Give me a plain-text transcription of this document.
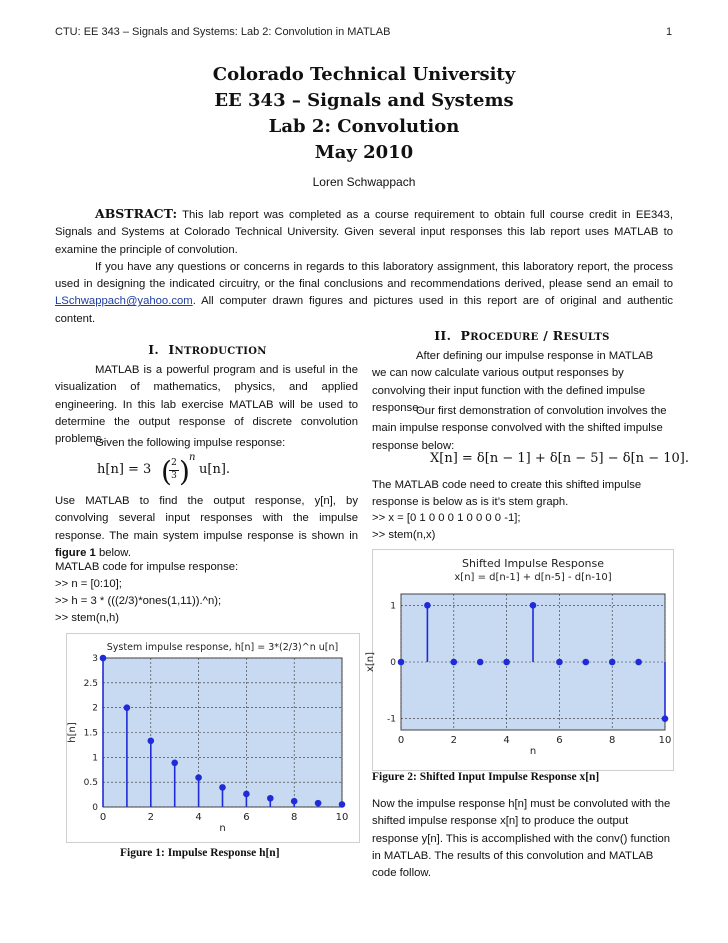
CTU: EE 343 – Signals and Systems: Lab 2: Convolution in MATLAB	1
Colorado Technical University
EE 343 – Signals and Systems
Lab 2: Convolution
May 2010
Loren Schwappach
ABSTRACT: This lab report was completed as a course requirement to obtain full course credit in EE343, Signals and Systems at Colorado Technical University. Given several input responses this lab report uses MATLAB to examine the principle of convolution.
If you have any questions or concerns in regards to this laboratory assignment, this laboratory report, the process used in designing the indicated circuitry, or the final conclusions and recommendations derived, please send an email to LSchwappach@yahoo.com. All computer drawn figures and pictures used in this report are of original and authentic content.
I. INTRODUCTION
MATLAB is a powerful program and is useful in the visualization of mathematics, physics, and applied engineering. In this lab exercise MATLAB will be used to determine the output response of discrete convolution problems.
Given the following impulse response:
h[n] = 3 ( 2
3 ) n
u[n].
Use MATLAB to find the output response, y[n], by convolving several input responses with the impulse response. The main system impulse response is shown in figure 1 below.
MATLAB code for impulse response:
>> n = [0:10];
>> h = 3 * (((2/3)*ones(1,11)).^n);
>> stem(n,h)
0	2	4	6	8	10
0
0.5
1
1.5
2
2.5
3
n
h[n]
System impulse response, h[n] = 3*(2/3)^n u[n]
Figure 1: Impulse Response h[n]
II. PROCEDURE / RESULTS
After defining our impulse response in MATLAB we can now calculate various output responses by convolving their input function with the defined impulse response.
Our first demonstration of convolution involves the main impulse response convolved with the shifted impulse response below:
X[n] = δ[n − 1] + δ[n − 5] − δ[n − 10].
The MATLAB code need to create this shifted impulse response is below as is it’s stem graph.
>> x = [0 1 0 0 0 1 0 0 0 0 -1];
>> stem(n,x)
0	2	4	6	8	10
-1
0
1
n
x[n]
Shifted Impulse Response
x[n] = d[n-1] + d[n-5] - d[n-10]
Figure 2: Shifted Input Impulse Response x[n]
Now the impulse response h[n] must be convoluted with the shifted impulse response x[n] to produce the output response y[n]. This is accomplished with the conv() function in MATLAB. The results of this convolution and MATLAB code follow.
